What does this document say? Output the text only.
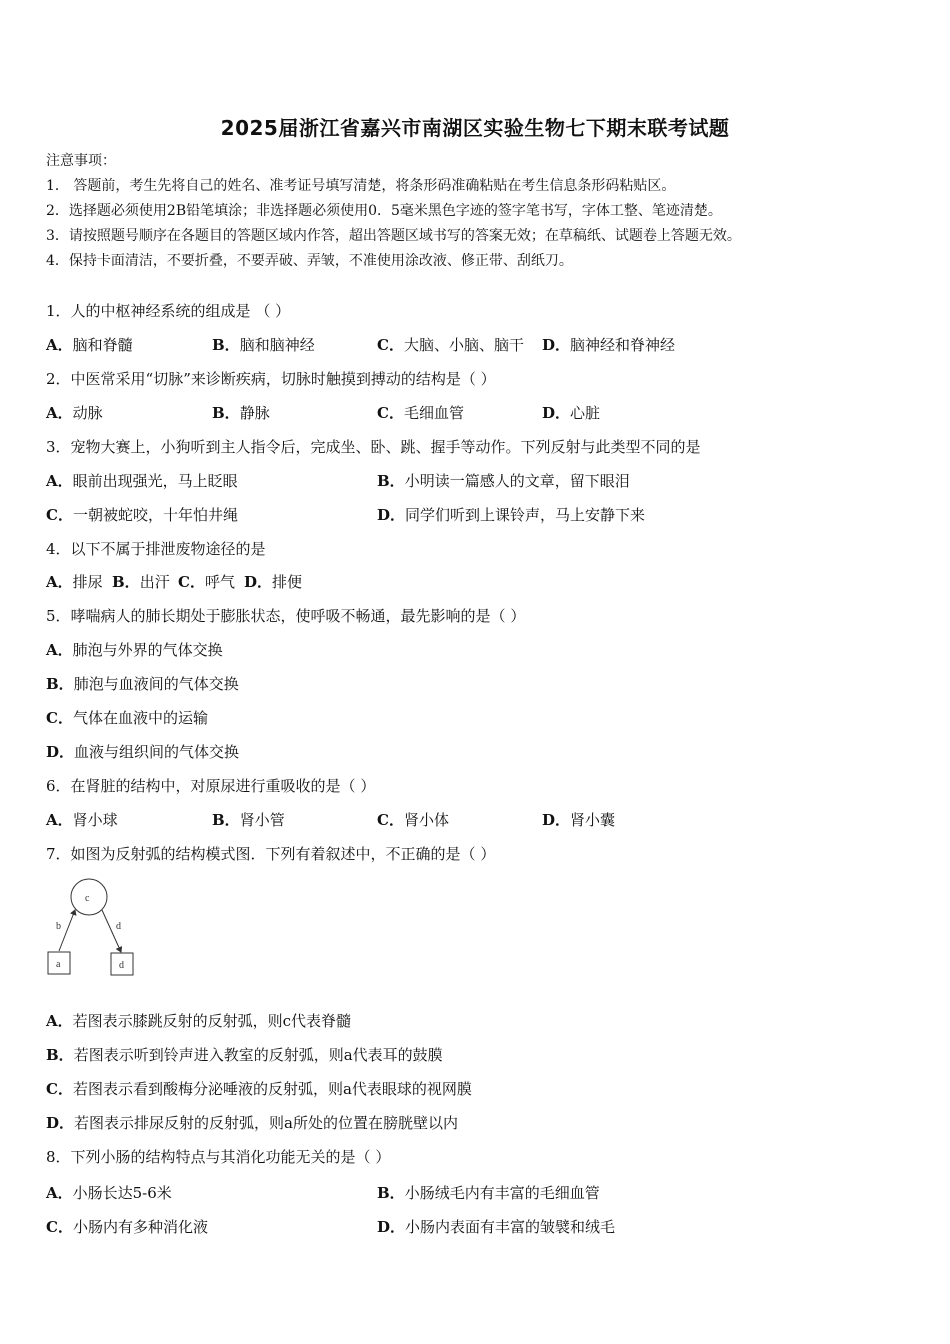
2025届浙江省嘉兴市南湖区实验生物七下期末联考试题
注意事项：
1． 答题前，考生先将自己的姓名、准考证号填写清楚，将条形码准确粘贴在考生信息条形码粘贴区。
2．选择题必须使用2B铅笔填涂；非选择题必须使用0．5毫米黑色字迹的签字笔书写，字体工整、笔迹清楚。
3．请按照题号顺序在各题目的答题区域内作答，超出答题区域书写的答案无效；在草稿纸、试题卷上答题无效。
4．保持卡面清洁，不要折叠，不要弄破、弄皱，不准使用涂改液、修正带、刮纸刀。
1．人的中枢神经系统的组成是 （ ）
A．脑和脊髓	B．脑和脑神经	C．大脑、小脑、脑干 D．脑神经和脊神经
2．中医常采用“切脉”来诊断疾病，切脉时触摸到搏动的结构是（ ）
A．动脉	B．静脉	C．毛细血管	D．心脏
3．宠物大赛上，小狗听到主人指令后，完成坐、卧、跳、握手等动作。下列反射与此类型不同的是
A．眼前出现强光，马上眨眼	B．小明读一篇感人的文章，留下眼泪
C．一朝被蛇咬，十年怕井绳	D．同学们听到上课铃声，马上安静下来
4．以下不属于排泄废物途径的是
A．排尿 B．出汗 C．呼气 D．排便
5．哮喘病人的肺长期处于膨胀状态，使呼吸不畅通，最先影响的是（ ）
A．肺泡与外界的气体交换
B．肺泡与血液间的气体交换
C．气体在血液中的运输
D．血液与组织间的气体交换
6．在肾脏的结构中，对原尿进行重吸收的是（ ）
A．肾小球	B．肾小管	C．肾小体	D．肾小囊
7．如图为反射弧的结构模式图．下列有着叙述中，不正确的是（ ）
c
b	d
a	d
A．若图表示膝跳反射的反射弧，则c代表脊髓
B．若图表示听到铃声进入教室的反射弧，则a代表耳的鼓膜
C．若图表示看到酸梅分泌唾液的反射弧，则a代表眼球的视网膜
D．若图表示排尿反射的反射弧，则a所处的位置在膀胱壁以内
8．下列小肠的结构特点与其消化功能无关的是（ ）
A．小肠长达5-6米	B．小肠绒毛内有丰富的毛细血管
C．小肠内有多种消化液	D．小肠内表面有丰富的皱襞和绒毛
